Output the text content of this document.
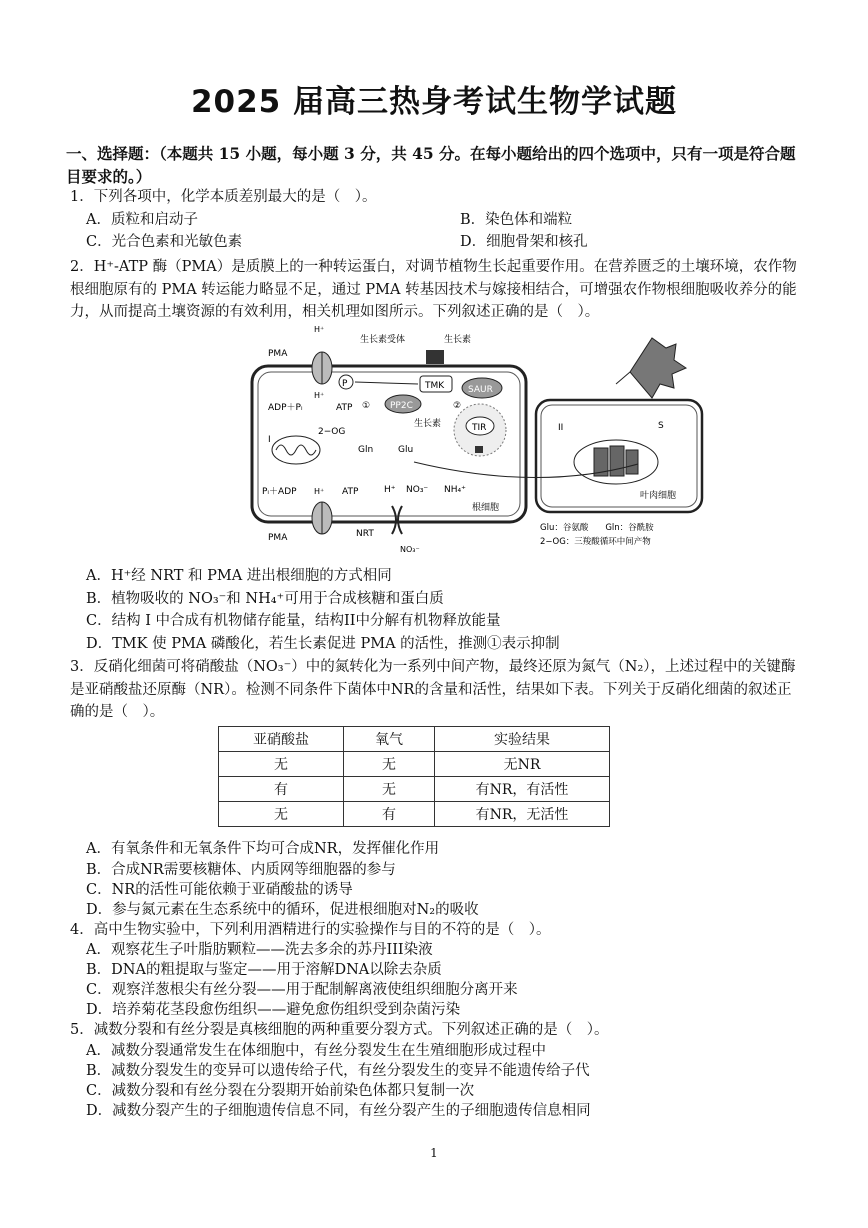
2025 届高三热身考试生物学试题
一、选择题：（本题共 15 小题，每小题 3 分，共 45 分。在每小题给出的四个选项中，只有一项是符合题目要求的。）
1．下列各项中，化学本质差别最大的是（　）。
A．质粒和启动子	B．染色体和端粒
C．光合色素和光敏色素	D．细胞骨架和核孔
2．H⁺-ATP 酶（PMA）是质膜上的一种转运蛋白，对调节植物生长起重要作用。在营养匮乏的土壤环境，农作物根细胞原有的 PMA 转运能力略显不足，通过 PMA 转基因技术与嫁接相结合，可增强农作物根细胞吸收养分的能力，从而提高土壤资源的有效利用，相关机理如图所示。下列叙述正确的是（　）。
生长素受体	生长素
TMK	SAUR
PP2C
TIR
生长素
P
①	②
PMA
PMA
H⁺
H⁺
ADP＋Pᵢ	ATP
Pᵢ＋ADP	ATP
H⁺
I
2−OG
Gln	Glu
H⁺ NO₃⁻ NH₄⁺
NRT
NO₃⁻
根细胞
II	S
叶肉细胞
Glu：谷氨酸　　Gln：谷酰胺
2−OG：三羧酸循环中间产物
A．H⁺经 NRT 和 PMA 进出根细胞的方式相同
B．植物吸收的 NO₃⁻和 NH₄⁺可用于合成核糖和蛋白质
C．结构 I 中合成有机物储存能量，结构II中分解有机物释放能量
D．TMK 使 PMA 磷酸化，若生长素促进 PMA 的活性，推测①表示抑制
3．反硝化细菌可将硝酸盐（NO₃⁻）中的氮转化为一系列中间产物，最终还原为氮气（N₂），上述过程中的关键酶是亚硝酸盐还原酶（NR）。检测不同条件下菌体中NR的含量和活性，结果如下表。下列关于反硝化细菌的叙述正确的是（　）。
亚硝酸盐	氧气	实验结果
无	无	无NR
有	无	有NR，有活性
无	有	有NR，无活性
A．有氧条件和无氧条件下均可合成NR，发挥催化作用
B．合成NR需要核糖体、内质网等细胞器的参与
C．NR的活性可能依赖于亚硝酸盐的诱导
D．参与氮元素在生态系统中的循环，促进根细胞对N₂的吸收
4．高中生物实验中，下列利用酒精进行的实验操作与目的不符的是（　）。
A．观察花生子叶脂肪颗粒——洗去多余的苏丹III染液
B．DNA的粗提取与鉴定——用于溶解DNA以除去杂质
C．观察洋葱根尖有丝分裂——用于配制解离液使组织细胞分离开来
D．培养菊花茎段愈伤组织——避免愈伤组织受到杂菌污染
5．减数分裂和有丝分裂是真核细胞的两种重要分裂方式。下列叙述正确的是（　）。
A．减数分裂通常发生在体细胞中，有丝分裂发生在生殖细胞形成过程中
B．减数分裂发生的变异可以遗传给子代，有丝分裂发生的变异不能遗传给子代
C．减数分裂和有丝分裂在分裂期开始前染色体都只复制一次
D．减数分裂产生的子细胞遗传信息不同，有丝分裂产生的子细胞遗传信息相同
1
